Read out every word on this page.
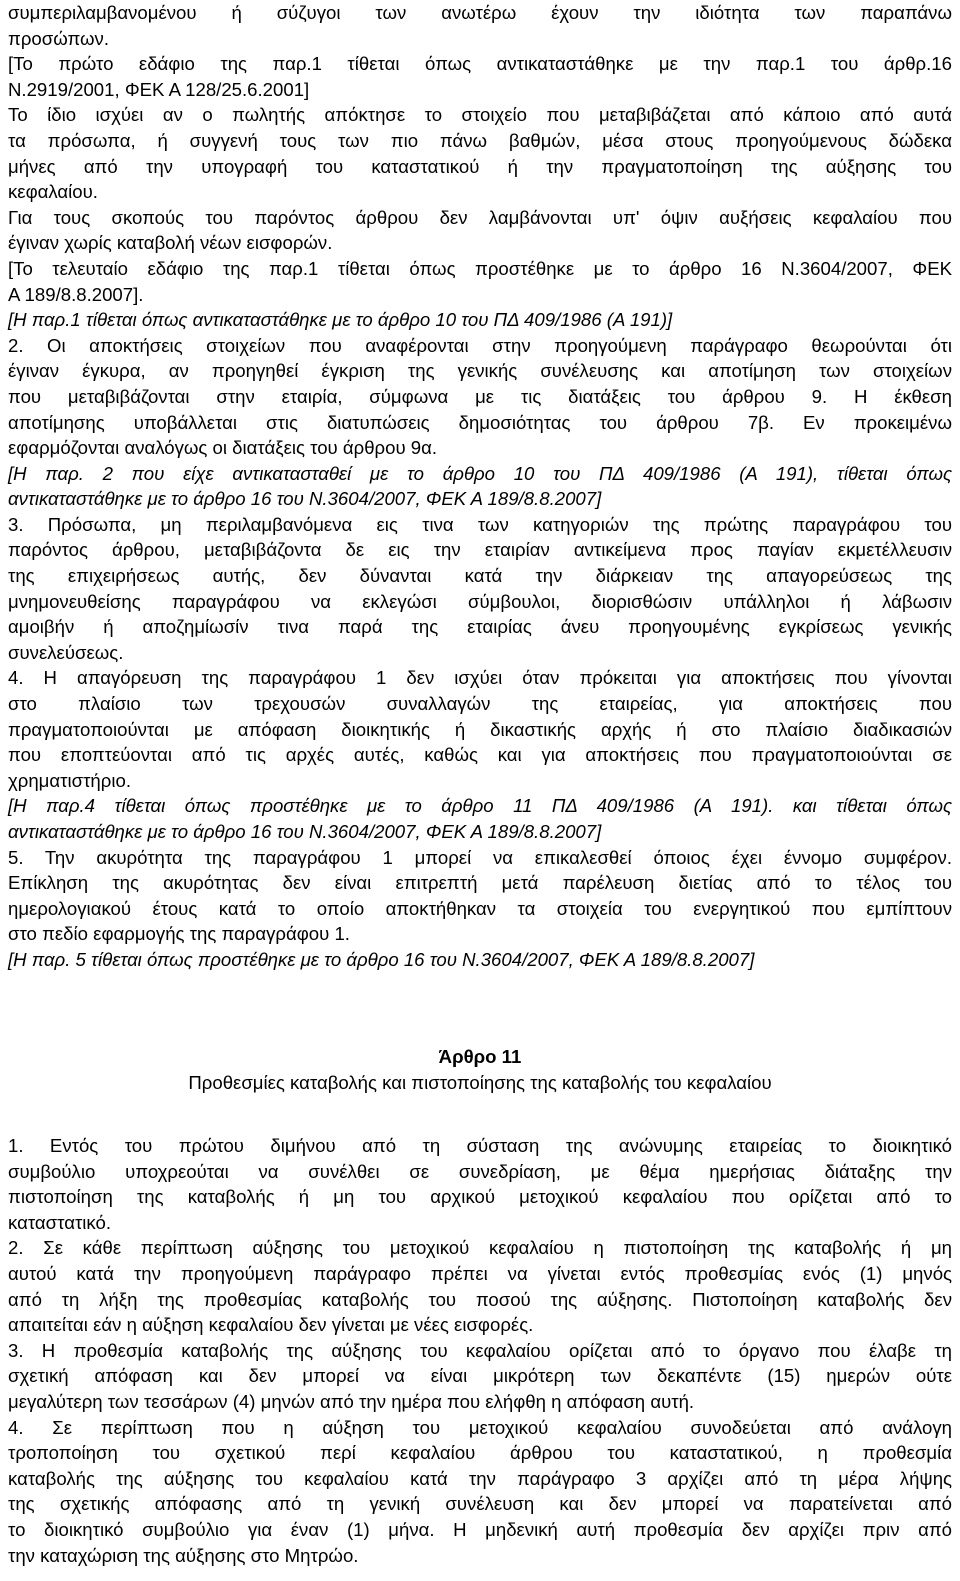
συμπεριλαμβανομένου ή σύζυγοι των ανωτέρω έχουν την ιδιότητα των παραπάνω
προσώπων.
[Το πρώτο εδάφιο της παρ.1 τίθεται όπως αντικαταστάθηκε με την παρ.1 του άρθρ.16
Ν.2919/2001, ΦΕΚ Α 128/25.6.2001]
Το ίδιο ισχύει αν ο πωλητής απόκτησε το στοιχείο που μεταβιβάζεται από κάποιο από αυτά
τα πρόσωπα, ή συγγενή τους των πιο πάνω βαθμών, μέσα στους προηγούμενους δώδεκα
μήνες από την υπογραφή του καταστατικού ή την πραγματοποίηση της αύξησης του
κεφαλαίου.
Για τους σκοπούς του παρόντος άρθρου δεν λαμβάνονται υπ' όψιν αυξήσεις κεφαλαίου που
έγιναν χωρίς καταβολή νέων εισφορών.
[Το τελευταίο εδάφιο της παρ.1 τίθεται όπως προστέθηκε με το άρθρο 16 Ν.3604/2007, ΦΕΚ
Α 189/8.8.2007].
[Η παρ.1 τίθεται όπως αντικαταστάθηκε με το άρθρο 10 του ΠΔ 409/1986 (Α 191)]
2. Οι αποκτήσεις στοιχείων που αναφέρονται στην προηγούμενη παράγραφο θεωρούνται ότι
έγιναν έγκυρα, αν προηγηθεί έγκριση της γενικής συνέλευσης και αποτίμηση των στοιχείων
που μεταβιβάζονται στην εταιρία, σύμφωνα με τις διατάξεις του άρθρου 9. Η έκθεση
αποτίμησης υποβάλλεται στις διατυπώσεις δημοσιότητας του άρθρου 7β. Εν προκειμένω
εφαρμόζονται αναλόγως οι διατάξεις του άρθρου 9α.
[Η παρ. 2 που είχε αντικατασταθεί με το άρθρο 10 του ΠΔ 409/1986 (Α 191), τίθεται όπως
αντικαταστάθηκε με το άρθρο 16 του Ν.3604/2007, ΦΕΚ Α 189/8.8.2007]
3. Πρόσωπα, μη περιλαμβανόμενα εις τινα των κατηγοριών της πρώτης παραγράφου του
παρόντος άρθρου, μεταβιβάζοντα δε εις την εταιρίαν αντικείμενα προς παγίαν εκμετέλλευσιν
της επιχειρήσεως αυτής, δεν δύνανται κατά την διάρκειαν της απαγορεύσεως της
μνημονευθείσης παραγράφου να εκλεγώσι σύμβουλοι, διορισθώσιν υπάλληλοι ή λάβωσιν
αμοιβήν ή αποζημίωσίν τινα παρά της εταιρίας άνευ προηγουμένης εγκρίσεως γενικής
συνελεύσεως.
4. Η απαγόρευση της παραγράφου 1 δεν ισχύει όταν πρόκειται για αποκτήσεις που γίνονται
στο πλαίσιο των τρεχουσών συναλλαγών της εταιρείας, για αποκτήσεις που
πραγματοποιούνται με απόφαση διοικητικής ή δικαστικής αρχής ή στο πλαίσιο διαδικασιών
που εποπτεύονται από τις αρχές αυτές, καθώς και για αποκτήσεις που πραγματοποιούνται σε
χρηματιστήριο.
[Η παρ.4 τίθεται όπως προστέθηκε με το άρθρο 11 ΠΔ 409/1986 (Α 191). και τίθεται όπως
αντικαταστάθηκε με το άρθρο 16 του Ν.3604/2007, ΦΕΚ Α 189/8.8.2007]
5. Την ακυρότητα της παραγράφου 1 μπορεί να επικαλεσθεί όποιος έχει έννομο συμφέρον.
Επίκληση της ακυρότητας δεν είναι επιτρεπτή μετά παρέλευση διετίας από το τέλος του
ημερολογιακού έτους κατά το οποίο αποκτήθηκαν τα στοιχεία του ενεργητικού που εμπίπτουν
στο πεδίο εφαρμογής της παραγράφου 1.
[Η παρ. 5 τίθεται όπως προστέθηκε με το άρθρο 16 του Ν.3604/2007, ΦΕΚ Α 189/8.8.2007]
Άρθρο 11
Προθεσμίες καταβολής και πιστοποίησης της καταβολής του κεφαλαίου
1. Εντός του πρώτου διμήνου από τη σύσταση της ανώνυμης εταιρείας το διοικητικό
συμβούλιο υποχρεούται να συνέλθει σε συνεδρίαση, με θέμα ημερήσιας διάταξης την
πιστοποίηση της καταβολής ή μη του αρχικού μετοχικού κεφαλαίου που ορίζεται από το
καταστατικό.
2. Σε κάθε περίπτωση αύξησης του μετοχικού κεφαλαίου η πιστοποίηση της καταβολής ή μη
αυτού κατά την προηγούμενη παράγραφο πρέπει να γίνεται εντός προθεσμίας ενός (1) μηνός
από τη λήξη της προθεσμίας καταβολής του ποσού της αύξησης. Πιστοποίηση καταβολής δεν
απαιτείται εάν η αύξηση κεφαλαίου δεν γίνεται με νέες εισφορές.
3. Η προθεσμία καταβολής της αύξησης του κεφαλαίου ορίζεται από το όργανο που έλαβε τη
σχετική απόφαση και δεν μπορεί να είναι μικρότερη των δεκαπέντε (15) ημερών ούτε
μεγαλύτερη των τεσσάρων (4) μηνών από την ημέρα που ελήφθη η απόφαση αυτή.
4. Σε περίπτωση που η αύξηση του μετοχικού κεφαλαίου συνοδεύεται από ανάλογη
τροποποίηση του σχετικού περί κεφαλαίου άρθρου του καταστατικού, η προθεσμία
καταβολής της αύξησης του κεφαλαίου κατά την παράγραφο 3 αρχίζει από τη μέρα λήψης
της σχετικής απόφασης από τη γενική συνέλευση και δεν μπορεί να παρατείνεται από
το διοικητικό συμβούλιο για έναν (1) μήνα. Η μηδενική αυτή προθεσμία δεν αρχίζει πριν από
την καταχώριση της αύξησης στο Μητρώο.
